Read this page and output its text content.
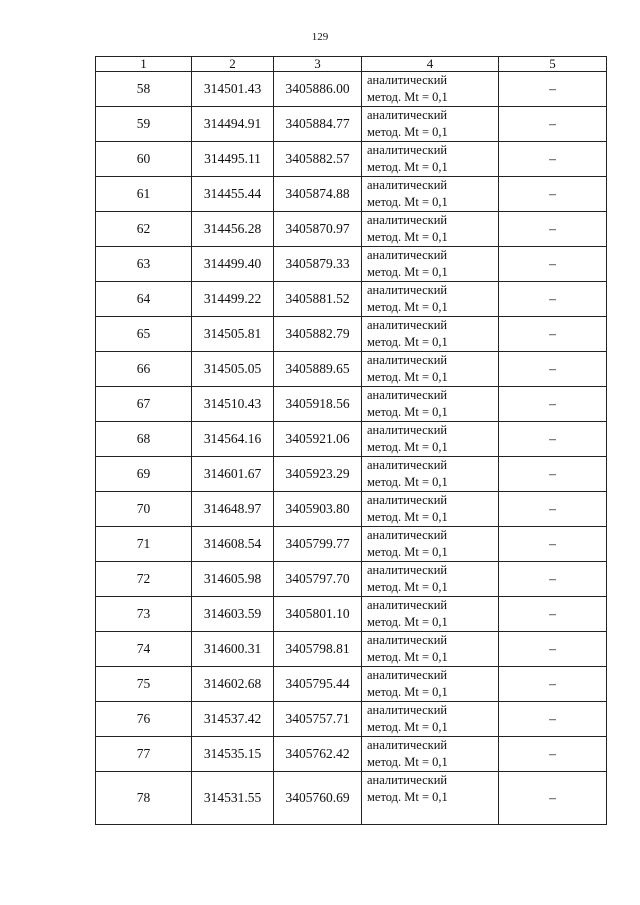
129
1	2	3	4	5
58	314501.43	3405886.00	аналитический
метод. Mt = 0,1	–
59	314494.91	3405884.77	аналитический
метод. Mt = 0,1	–
60	314495.11	3405882.57	аналитический
метод. Mt = 0,1	–
61	314455.44	3405874.88	аналитический
метод. Mt = 0,1	–
62	314456.28	3405870.97	аналитический
метод. Mt = 0,1	–
63	314499.40	3405879.33	аналитический
метод. Mt = 0,1	–
64	314499.22	3405881.52	аналитический
метод. Mt = 0,1	–
65	314505.81	3405882.79	аналитический
метод. Mt = 0,1	–
66	314505.05	3405889.65	аналитический
метод. Mt = 0,1	–
67	314510.43	3405918.56	аналитический
метод. Mt = 0,1	–
68	314564.16	3405921.06	аналитический
метод. Mt = 0,1	–
69	314601.67	3405923.29	аналитический
метод. Mt = 0,1	–
70	314648.97	3405903.80	аналитический
метод. Mt = 0,1	–
71	314608.54	3405799.77	аналитический
метод. Mt = 0,1	–
72	314605.98	3405797.70	аналитический
метод. Mt = 0,1	–
73	314603.59	3405801.10	аналитический
метод. Mt = 0,1	–
74	314600.31	3405798.81	аналитический
метод. Mt = 0,1	–
75	314602.68	3405795.44	аналитический
метод. Mt = 0,1	–
76	314537.42	3405757.71	аналитический
метод. Mt = 0,1	–
77	314535.15	3405762.42	аналитический
метод. Mt = 0,1	–
78	314531.55	3405760.69	аналитический
метод. Mt = 0,1	–
